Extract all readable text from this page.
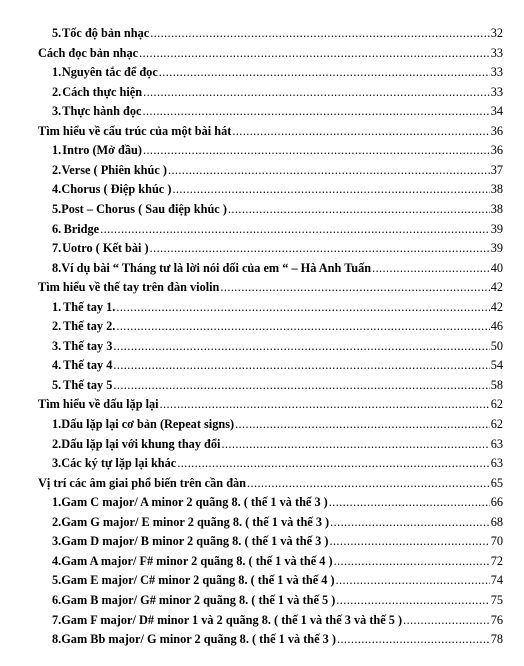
5. Tốc độ bản nhạc .....	32
Cách đọc bản nhạc .....	33
1. Nguyên tắc để đọc .....	33
2. Cách thực hiện .....	33
3. Thực hành đọc .....	34
Tìm hiểu về cấu trúc của một bài hát .....	36
1. Intro (Mở đầu) .....	36
2. Verse ( Phiên khúc ) .....	37
4. Chorus ( Điệp khúc ) .....	38
5. Post – Chorus ( Sau điệp khúc ) .....	38
6. Bridge .....	39
7. Uotro ( Kết bài ) .....	39
8. Ví dụ bài “ Tháng tư là lời nói dối của em “ – Hà Anh Tuấn .....	40
Tìm hiểu về thế tay trên đàn violin .....	42
1. Thế tay 1. .....	42
2. Thế tay 2. .....	46
3. Thế tay 3 .....	50
4. Thế tay 4 .....	54
5. Thế tay 5 .....	58
Tìm hiểu về dấu lặp lại .....	62
1. Dấu lặp lại cơ bản (Repeat signs) .....	62
2. Dấu lặp lại với khung thay đổi .....	63
3. Các ký tự lặp lại khác .....	63
Vị trí các âm giai phổ biến trên cần đàn .....	65
1. Gam C major/ A minor 2 quãng 8. ( thế 1 và thế 3 ) .....	66
2. Gam G major/ E minor 2 quãng 8. ( thế 1 và thế 3 ) .....	68
3. Gam D major/ B minor 2 quãng 8. ( thế 1 và thế 3 ) .....	70
4. Gam A major/ F# minor 2 quãng 8. ( thế 1 và thế 4 ) .....	72
5. Gam E major/ C# minor 2 quãng 8. ( thế 1 và thế 4 ) .....	74
6. Gam B major/ G# minor 2 quãng 8. ( thế 1 và thế 5 ) .....	75
7. Gam F major/ D# minor 1 và 2 quãng 8. ( thế 1 và thế 3 và thế 5 ) .....	76
8. Gam Bb major/ G minor 2 quãng 8. ( thế 1 và thế 3 ) .....	78
